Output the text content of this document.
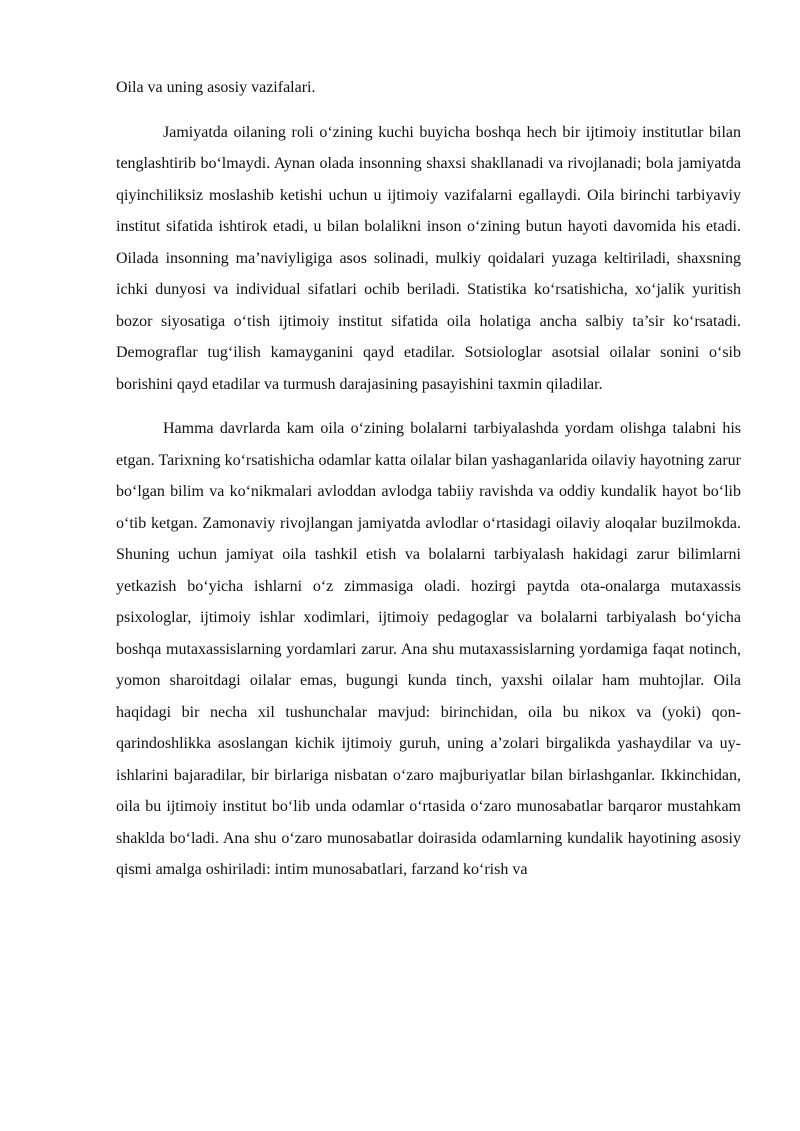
Oila va uning asosiy vazifalari.

Jamiyatda oilaning roli o‘zining kuchi buyicha boshqa hech bir ijtimoiy institutlar bilan tenglashtirib bo‘lmaydi. Aynan olada insonning shaxsi shakllanadi va rivojlanadi; bola jamiyatda qiyinchiliksiz moslashib ketishi uchun u ijtimoiy vazifalarni egallaydi. Oila birinchi tarbiyaviy institut sifatida ishtirok etadi, u bilan bolalikni inson o‘zining butun hayoti davomida his etadi. Oilada insonning ma’naviyligiga asos solinadi, mulkiy qoidalari yuzaga keltiriladi, shaxsning ichki dunyosi va individual sifatlari ochib beriladi. Statistika ko‘rsatishicha, xo‘jalik yuritish bozor siyosatiga o‘tish ijtimoiy institut sifatida oila holatiga ancha salbiy ta’sir ko‘rsatadi. Demograflar tug‘ilish kamayganini qayd etadilar. Sotsiologlar asotsial oilalar sonini o‘sib borishini qayd etadilar va turmush darajasining pasayishini taxmin qiladilar.

Hamma davrlarda kam oila o‘zining bolalarni tarbiyalashda yordam olishga talabni his etgan. Tarixning ko‘rsatishicha odamlar katta oilalar bilan yashaganlarida oilaviy hayotning zarur bo‘lgan bilim va ko‘nikmalari avloddan avlodga tabiiy ravishda va oddiy kundalik hayot bo‘lib o‘tib ketgan. Zamonaviy rivojlangan jamiyatda avlodlar o‘rtasidagi oilaviy aloqalar buzilmokda. Shuning uchun jamiyat oila tashkil etish va bolalarni tarbiyalash hakidagi zarur bilimlarni yetkazish bo‘yicha ishlarni o‘z zimmasiga oladi. hozirgi paytda ota-onalarga mutaxassis psixologlar, ijtimoiy ishlar xodimlari, ijtimoiy pedagoglar va bolalarni tarbiyalash bo‘yicha boshqa mutaxassislarning yordamlari zarur. Ana shu mutaxassislarning yordamiga faqat notinch, yomon sharoitdagi oilalar emas, bugungi kunda tinch, yaxshi oilalar ham muhtojlar. Oila haqidagi bir necha xil tushunchalar mavjud: birinchidan, oila bu nikox va (yoki) qon-qarindoshlikka asoslangan kichik ijtimoiy guruh, uning a’zolari birgalikda yashaydilar va uy-ishlarini bajaradilar, bir birlariga nisbatan o‘zaro majburiyatlar bilan birlashganlar. Ikkinchidan, oila bu ijtimoiy institut bo‘lib unda odamlar o‘rtasida o‘zaro munosabatlar barqaror mustahkam shaklda bo‘ladi. Ana shu o‘zaro munosabatlar doirasida odamlarning kundalik hayotining asosiy qismi amalga oshiriladi: intim munosabatlari, farzand ko‘rish va
